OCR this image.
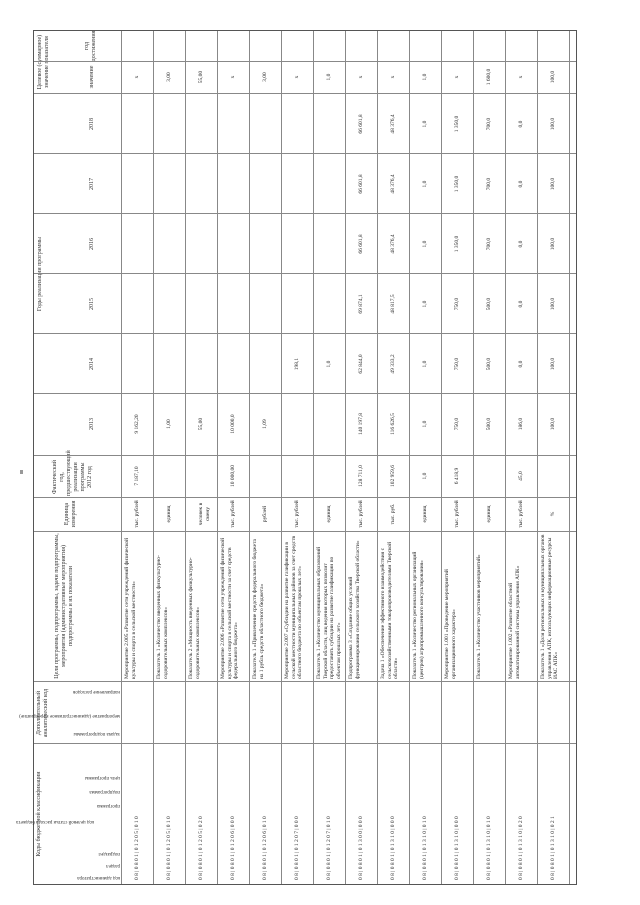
Коды бюджетной классификации
Дополнительный аналитический код
Цели программы, подпрограммы, задачи подпрограммы, мероприятия (административные мероприятия) подпрограммы и их показатели
Единица измерения
Фактический год, предшествующий реализации программы 2012 год
Годы реализации программы
Целевое (суммарное) значение показателя
2013
2014
2015
2016
2017
2018
значение
год достижения
код администратора
раздел
подраздел
код целевой статьи расхода бюджета
программа
подпрограмма
цель программы
задача подпрограммы
мероприятие (административное мероприятие)
направление расходов
0 8 | 0 8 0 1 | 0 1 2 0 5 | 0 1 0
Мероприятие 2.005 «Развитие сети учреждений физической культуры и спорта в сельской местности»
тыс. рублей
7 187,10
9 162,20
х
0 8 | 0 8 0 1 | 0 1 2 0 5 | 0 1 0
Показатель 1 «Количество введенных физкультурно-оздоровительных комплексов»
единиц
1,00
3,00
0 8 | 0 8 0 1 | 0 1 2 0 5 | 0 2 0
Показатель 2 «Мощность введенных физкультурно-оздоровительных комплексов»
человек в смену
55,00
55,00
0 8 | 0 8 0 1 | 0 1 2 0 6 | 0 0 0
Мероприятие 2.006 «Развитие сети учреждений физической культуры и спорта в сельской местности за счет средств федерального бюджета»
тыс. рублей
10 000,00
10 000,0
х
0 8 | 0 8 0 1 | 0 1 2 0 6 | 0 1 0
Показатель 1 «Привлечение средств федерального бюджета на 1 рубль средств областного бюджета»
рублей
1,09
3,00
0 8 | 0 8 0 1 | 0 1 2 0 7 | 0 0 0
Мероприятие 2.007 «Субсидии на развитие газификации в сельской местности муниципальных районов за счет средств областного бюджета по объектам прошлых лет»
тыс. рублей
198,1
х
0 8 | 0 8 0 1 | 0 1 2 0 7 | 0 1 0
Показатель 1 «Количество муниципальных образований Тверской области, лиц ведения которых позволит предоставить субсидии на развитие газификации по объектам прошлых лет»
единиц
1,0
1,0
0 8 | 0 8 0 1 | 0 1 3 0 0 | 0 0 0
Подпрограмма 3 «Создание общих условий функционирования сельского хозяйства Тверской области»
тыс. рублей
128 711,0
140 197,8
62 844,0
69 874,1
66 601,8
66 601,8
66 601,8
х
0 8 | 0 8 0 1 | 0 1 3 1 0 | 0 0 0
Задача 1 «Обеспечение эффективного взаимодействия с сельскохозяйственными товаропроизводителями Тверской области»
тыс. руб.
102 959,6
116 626,5
49 333,2
48 817,5
48 376,4
48 376,4
48 376,4
х
0 8 | 0 8 0 1 | 0 1 3 1 0 | 0 1 0
Показатель 1 «Количество региональных организаций (центров) агропромышленного консультирования»
единиц
1,0
1,0
1,0
1,0
1,0
1,0
1,0
1,0
0 8 | 0 8 0 1 | 0 1 3 1 0 | 0 0 0
Мероприятие 1.001 «Проведение мероприятий организационного характера»
тыс. рублей
6 418,9
750,0
750,0
750,0
1 350,0
1 350,0
1 350,0
х
0 8 | 0 8 0 1 | 0 1 3 1 0 | 0 1 0
Показатель 1 «Количество участников мероприятий»
единиц
500,0
500,0
500,0
700,0
700,0
700,0
1 600,0
0 8 | 0 8 0 1 | 0 1 3 1 0 | 0 2 0
Мероприятие 1.002 «Развитие областной автоматизированной системы управления АПК»
тыс. рублей
45,0
186,0
0,0
0,0
0,0
0,0
0,0
х
0 8 | 0 8 0 1 | 0 1 3 1 0 | 0 2 1
Показатель 1 «Доля региональных и муниципальных органов управления АПК, использующих информационные ресурсы ИАС АПК»
%
100,0
100,0
100,0
100,0
100,0
100,0
100,0
